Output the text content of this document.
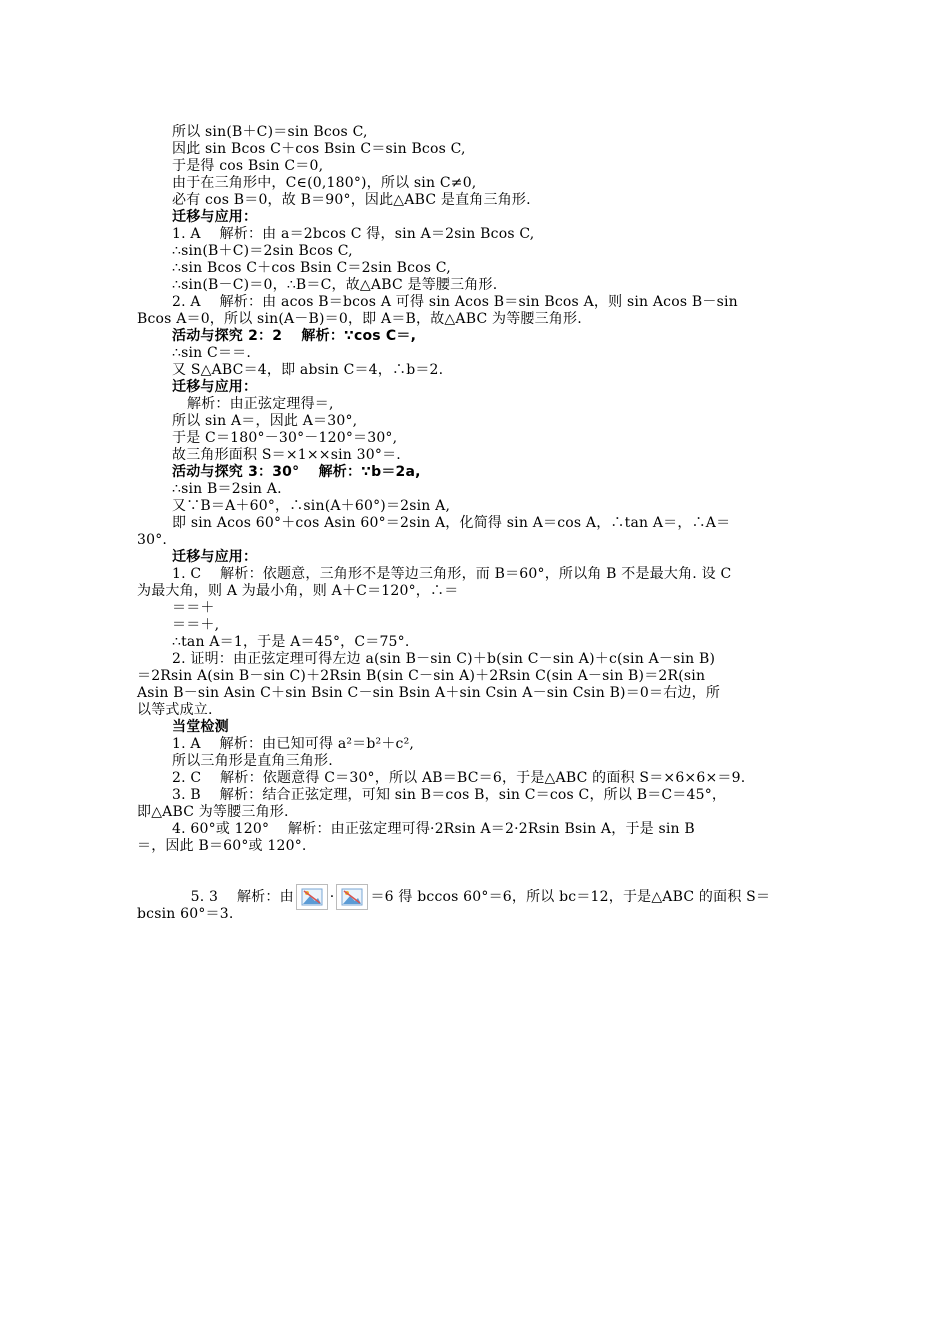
所以 sin(B＋C)＝sin Bcos C,
因此 sin Bcos C＋cos Bsin C＝sin Bcos C,
于是得 cos Bsin C＝0,
由于在三角形中，C∈(0,180°)，所以 sin C≠0,
必有 cos B＝0，故 B＝90°，因此△ABC 是直角三角形.
迁移与应用：
1. A　 解析：由 a＝2bcos C 得，sin A＝2sin Bcos C,
∴sin(B＋C)＝2sin Bcos C,
∴sin Bcos C＋cos Bsin C＝2sin Bcos C,
∴sin(B－C)＝0，∴B＝C，故△ABC 是等腰三角形.
2. A　 解析：由 acos B＝bcos A 可得 sin Acos B＝sin Bcos A，则 sin Acos B－sin
Bcos A＝0，所以 sin(A－B)＝0，即 A＝B，故△ABC 为等腰三角形.
活动与探究 2：2　 解析：∵cos C＝,
∴sin C＝＝.
又 S△ABC＝4，即 absin C＝4，∴b＝2.
迁移与应用：
解析：由正弦定理得＝,
所以 sin A＝，因此 A＝30°,
于是 C＝180°－30°－120°＝30°,
故三角形面积 S＝×1××sin 30°＝.
活动与探究 3：30°　 解析：∵b＝2a,
∴sin B＝2sin A.
又∵B＝A＋60°，∴sin(A＋60°)＝2sin A,
即 sin Acos 60°＋cos Asin 60°＝2sin A，化简得 sin A＝cos A，∴tan A＝，∴A＝
30°.
迁移与应用：
1. C　 解析：依题意，三角形不是等边三角形，而 B＝60°，所以角 B 不是最大角. 设 C
为最大角，则 A 为最小角，则 A＋C＝120°，∴＝
＝＝＋
＝＝＋,
∴tan A＝1，于是 A＝45°，C＝75°.
2. 证明：由正弦定理可得左边 a(sin B－sin C)＋b(sin C－sin A)＋c(sin A－sin B)
＝2Rsin A(sin B－sin C)＋2Rsin B(sin C－sin A)＋2Rsin C(sin A－sin B)＝2R(sin
Asin B－sin Asin C＋sin Bsin C－sin Bsin A＋sin Csin A－sin Csin B)＝0＝右边，所
以等式成立.
当堂检测
1. A　 解析：由已知可得 a²＝b²＋c²,
所以三角形是直角三角形.
2. C　 解析：依题意得 C＝30°，所以 AB＝BC＝6，于是△ABC 的面积 S＝×6×6×＝9.
3. B　 解析：结合正弦定理，可知 sin B＝cos B，sin C＝cos C，所以 B＝C＝45°，
即△ABC 为等腰三角形.
4. 60°或 120°　 解析：由正弦定理可得·2Rsin A＝2·2Rsin Bsin A，于是 sin B
＝，因此 B＝60°或 120°.

5. 3　 解析：由	·	＝6 得 bccos 60°＝6，所以 bc＝12，于是△ABC 的面积 S＝

bcsin 60°＝3.
